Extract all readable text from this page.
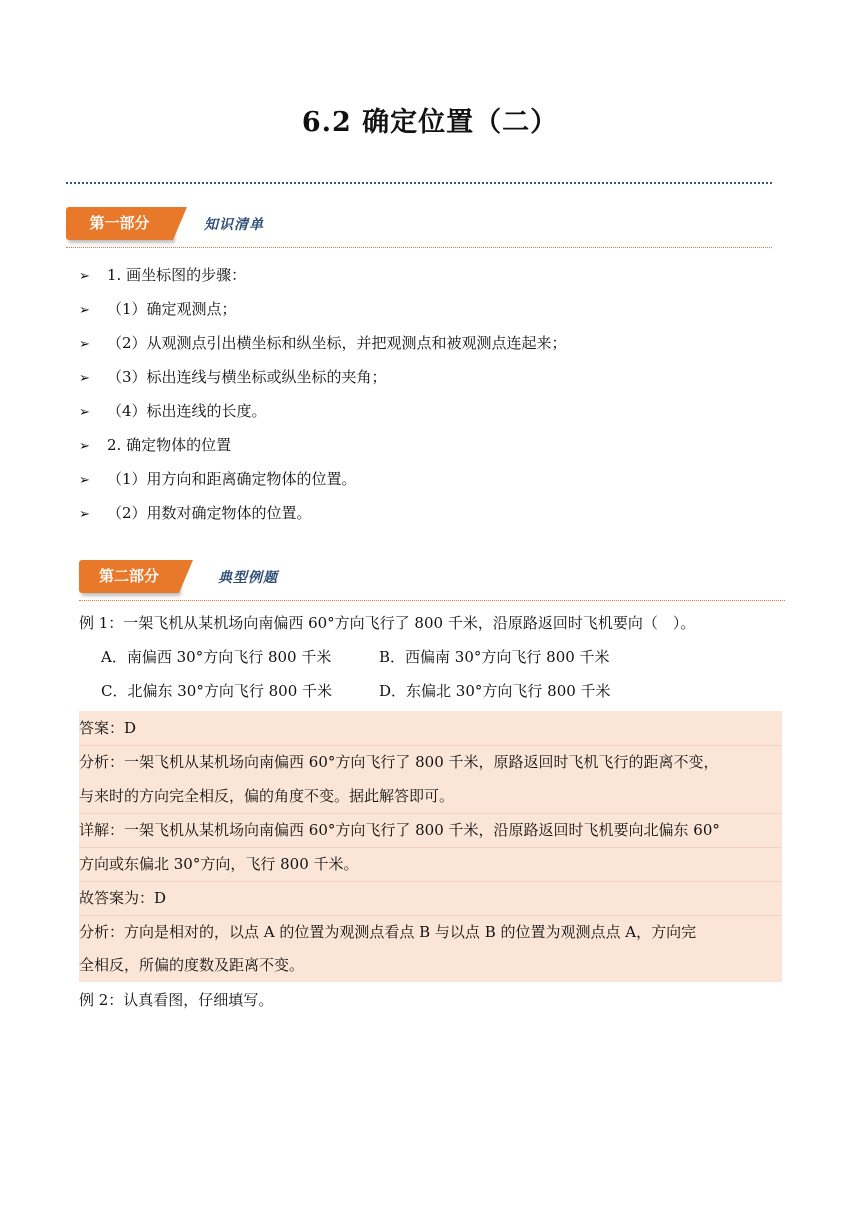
6.2 确定位置（二）
第一部分	知识清单
➢ 1. 画坐标图的步骤：
➢ （1）确定观测点；
➢ （2）从观测点引出横坐标和纵坐标，并把观测点和被观测点连起来；
➢ （3）标出连线与横坐标或纵坐标的夹角；
➢ （4）标出连线的长度。
➢ 2. 确定物体的位置
➢ （1）用方向和距离确定物体的位置。
➢ （2）用数对确定物体的位置。
第二部分	典型例题
例 1：一架飞机从某机场向南偏西 60°方向飞行了 800 千米，沿原路返回时飞机要向（　）。
A．南偏西 30°方向飞行 800 千米	B．西偏南 30°方向飞行 800 千米
C．北偏东 30°方向飞行 800 千米	D．东偏北 30°方向飞行 800 千米
答案：D
分析：一架飞机从某机场向南偏西 60°方向飞行了 800 千米，原路返回时飞机飞行的距离不变，
与来时的方向完全相反，偏的角度不变。据此解答即可。
详解：一架飞机从某机场向南偏西 60°方向飞行了 800 千米，沿原路返回时飞机要向北偏东 60°
方向或东偏北 30°方向，飞行 800 千米。
故答案为：D
分析：方向是相对的，以点 A 的位置为观测点看点 B 与以点 B 的位置为观测点点 A，方向完
全相反，所偏的度数及距离不变。
例 2：认真看图，仔细填写。
